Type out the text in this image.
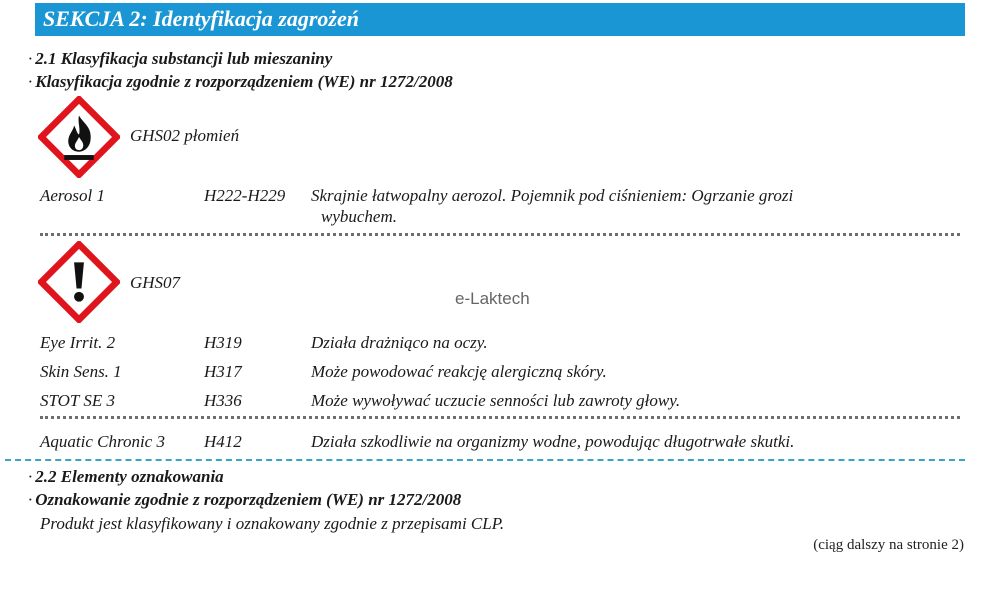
SEKCJA 2: Identyfikacja zagrożeń
· 2.1 Klasyfikacja substancji lub mieszaniny
· Klasyfikacja zgodnie z rozporządzeniem (WE) nr 1272/2008
GHS02 płomień
Aerosol 1	H222-H229 Skrajnie łatwopalny aerozol. Pojemnik pod ciśnieniem: Ogrzanie grozi
wybuchem.
GHS07
e-Laktech
Eye Irrit. 2	H319	Działa drażniąco na oczy.
Skin Sens. 1	H317	Może powodować reakcję alergiczną skóry.
STOT SE 3	H336	Może wywoływać uczucie senności lub zawroty głowy.
Aquatic Chronic 3 H412	Działa szkodliwie na organizmy wodne, powodując długotrwałe skutki.
· 2.2 Elementy oznakowania
· Oznakowanie zgodnie z rozporządzeniem (WE) nr 1272/2008
Produkt jest klasyfikowany i oznakowany zgodnie z przepisami CLP.
(ciąg dalszy na stronie 2)
